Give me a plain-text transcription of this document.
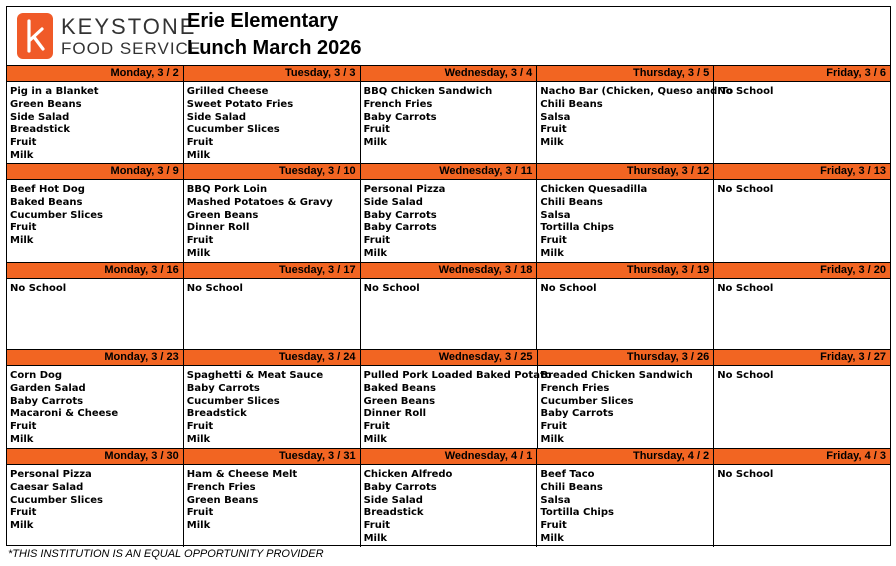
KEYSTONE
FOOD SERVICE
Erie Elementary
Lunch March 2026
Monday, 3 / 2
Pig in a Blanket
Green Beans
Side Salad
Breadstick
Fruit
Milk
Tuesday, 3 / 3
Grilled Cheese
Sweet Potato Fries
Side Salad
Cucumber Slices
Fruit
Milk
Wednesday, 3 / 4
BBQ Chicken Sandwich
French Fries
Baby Carrots
Fruit
Milk
Thursday, 3 / 5
Nacho Bar (Chicken, Queso and To
Chili Beans
Salsa
Fruit
Milk
Friday, 3 / 6
No School
Monday, 3 / 9
Beef Hot Dog
Baked Beans
Cucumber Slices
Fruit
Milk
Tuesday, 3 / 10
BBQ Pork Loin
Mashed Potatoes & Gravy
Green Beans
Dinner Roll
Fruit
Milk
Wednesday, 3 / 11
Personal Pizza
Side Salad
Baby Carrots
Baby Carrots
Fruit
Milk
Thursday, 3 / 12
Chicken Quesadilla
Chili Beans
Salsa
Tortilla Chips
Fruit
Milk
Friday, 3 / 13
No School
Monday, 3 / 16
No School
Tuesday, 3 / 17
No School
Wednesday, 3 / 18
No School
Thursday, 3 / 19
No School
Friday, 3 / 20
No School
Monday, 3 / 23
Corn Dog
Garden Salad
Baby Carrots
Macaroni & Cheese
Fruit
Milk
Tuesday, 3 / 24
Spaghetti & Meat Sauce
Baby Carrots
Cucumber Slices
Breadstick
Fruit
Milk
Wednesday, 3 / 25
Pulled Pork Loaded Baked Potato
Baked Beans
Green Beans
Dinner Roll
Fruit
Milk
Thursday, 3 / 26
Breaded Chicken Sandwich
French Fries
Cucumber Slices
Baby Carrots
Fruit
Milk
Friday, 3 / 27
No School
Monday, 3 / 30
Personal Pizza
Caesar Salad
Cucumber Slices
Fruit
Milk
Tuesday, 3 / 31
Ham & Cheese Melt
French Fries
Green Beans
Fruit
Milk
Wednesday, 4 / 1
Chicken Alfredo
Baby Carrots
Side Salad
Breadstick
Fruit
Milk
Thursday, 4 / 2
Beef Taco
Chili Beans
Salsa
Tortilla Chips
Fruit
Milk
Friday, 4 / 3
No School
*THIS INSTITUTION IS AN EQUAL OPPORTUNITY PROVIDER
